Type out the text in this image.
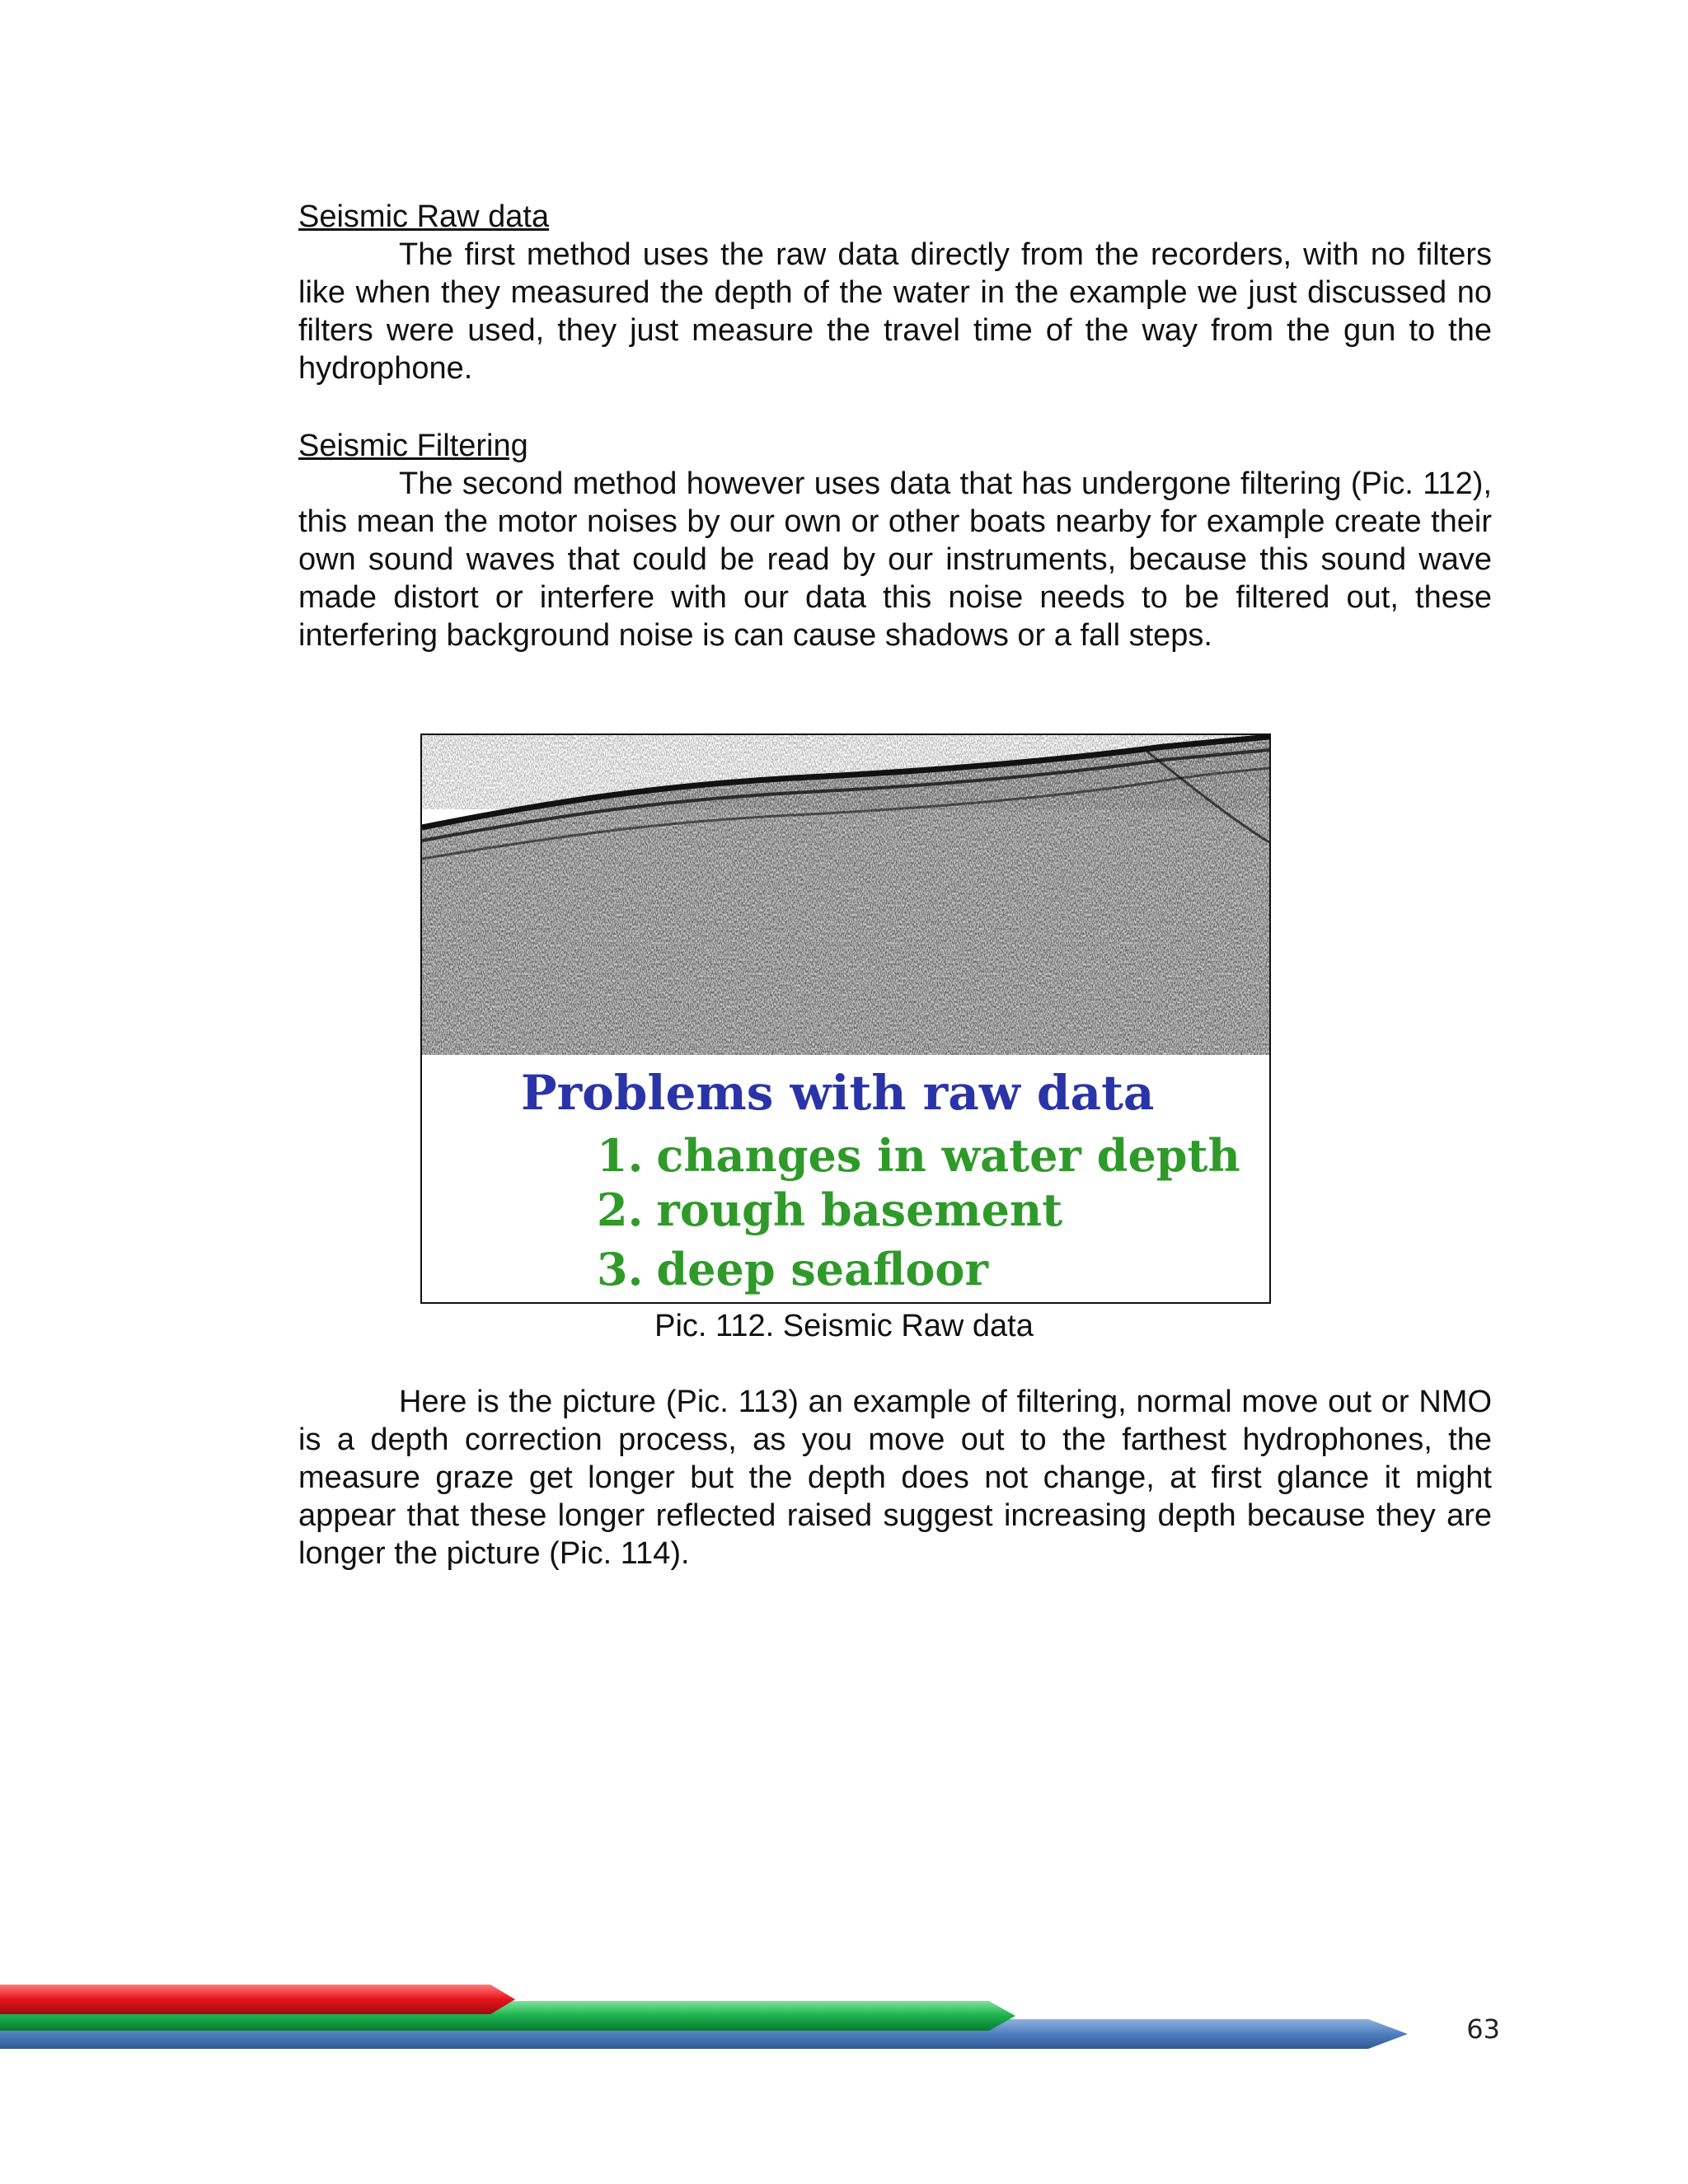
Seismic Raw data
The first method uses the raw data directly from the recorders, with no filters like when they measured the depth of the water in the example we just discussed no filters were used, they just measure the travel time of the way from the gun to the hydrophone.
Seismic Filtering
The second method however uses data that has undergone filtering (Pic. 112), this mean the motor noises by our own or other boats nearby for example create their own sound waves that could be read by our instruments, because this sound wave made distort or interfere with our data this noise needs to be filtered out, these interfering background noise is can cause shadows or a fall steps.
Problems with raw data
1. changes in water depth
2. rough basement
3. deep seafloor
Pic. 112. Seismic Raw data
Here is the picture (Pic. 113) an example of filtering, normal move out or NMO is a depth correction process, as you move out to the farthest hydrophones, the measure graze get longer but the depth does not change, at first glance it might appear that these longer reflected raised suggest increasing depth because they are longer the picture (Pic. 114).
63
